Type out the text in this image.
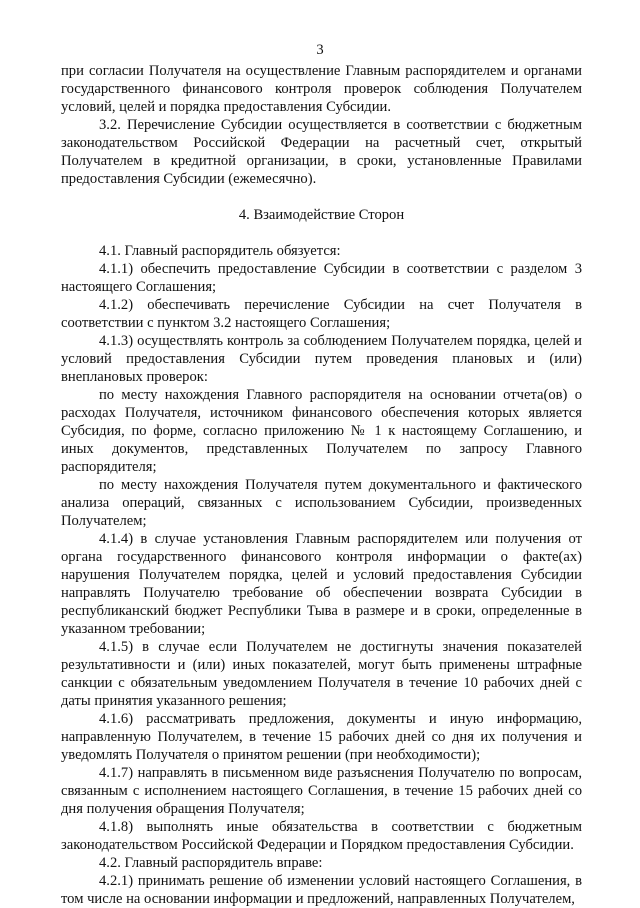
3

при согласии Получателя на осуществление Главным распорядителем и органами государственного финансового контроля проверок соблюдения Получателем условий, целей и порядка предоставления Субсидии.

3.2. Перечисление Субсидии осуществляется в соответствии с бюджетным законодательством Российской Федерации на расчетный счет, открытый Получателем в кредитной организации, в сроки, установленные Правилами предоставления Субсидии (ежемесячно).

4. Взаимодействие Сторон

4.1. Главный распорядитель обязуется:

4.1.1) обеспечить предоставление Субсидии в соответствии с разделом 3 настоящего Соглашения;

4.1.2) обеспечивать перечисление Субсидии на счет Получателя в соответствии с пунктом 3.2 настоящего Соглашения;

4.1.3) осуществлять контроль за соблюдением Получателем порядка, целей и условий предоставления Субсидии путем проведения плановых и (или) внеплановых проверок:

по месту нахождения Главного распорядителя на основании отчета(ов) о расходах Получателя, источником финансового обеспечения которых является Субсидия, по форме, согласно приложению № 1 к настоящему Соглашению, и иных документов, представленных Получателем по запросу Главного распорядителя;

по месту нахождения Получателя путем документального и фактического анализа операций, связанных с использованием Субсидии, произведенных Получателем;

4.1.4) в случае установления Главным распорядителем или получения от органа государственного финансового контроля информации о факте(ах) нарушения Получателем порядка, целей и условий предоставления Субсидии направлять Получателю требование об обеспечении возврата Субсидии в республиканский бюджет Республики Тыва в размере и в сроки, определенные в указанном требовании;

4.1.5) в случае если Получателем не достигнуты значения показателей результативности и (или) иных показателей, могут быть применены штрафные санкции с обязательным уведомлением Получателя в течение 10 рабочих дней с даты принятия указанного решения;

4.1.6) рассматривать предложения, документы и иную информацию, направленную Получателем, в течение 15 рабочих дней со дня их получения и уведомлять Получателя о принятом решении (при необходимости);

4.1.7) направлять в письменном виде разъяснения Получателю по вопросам, связанным с исполнением настоящего Соглашения, в течение 15 рабочих дней со дня получения обращения Получателя;

4.1.8) выполнять иные обязательства в соответствии с бюджетным законодательством Российской Федерации и Порядком предоставления Субсидии.

4.2. Главный распорядитель вправе:

4.2.1) принимать решение об изменении условий настоящего Соглашения, в том числе на основании информации и предложений, направленных Получателем,
